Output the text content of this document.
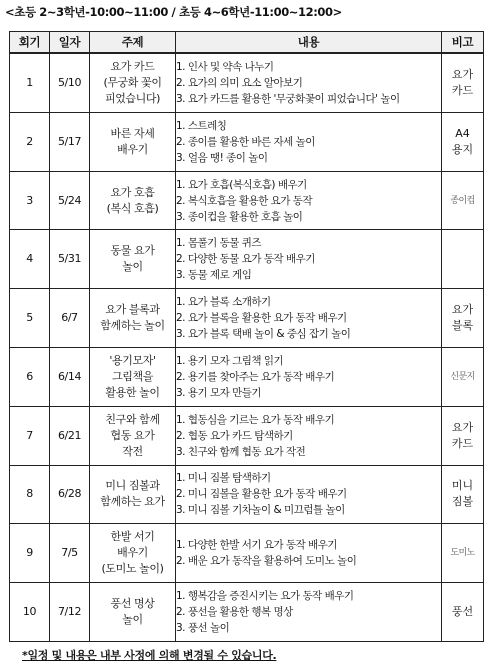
<초등 2~3학년-10:00~11:00 / 초등 4~6학년-11:00~12:00>
회기	일자	주제	내용	비고
1	5/10	요가 카드
(무궁화 꽃이
피었습니다)	1. 인사 및 약속 나누기
2. 요가의 의미 요소 알아보기
3. 요가 카드를 활용한 '무궁화꽃이 피었습니다' 놀이	요가
카드

2	5/17	바른 자세
배우기	1. 스트레칭
2. 종이를 활용한 바른 자세 놀이
3. 얼음 땡! 종이 놀이	A4
용지

3	5/24	요가 호흡
(복식 호흡)	1. 요가 호흡(복식호흡) 배우기
2. 복식호흡을 활용한 요가 동작
3. 종이컵을 활용한 호흡 놀이	종이컵

4	5/31	동물 요가
놀이	1. 몸풀기 동물 퀴즈
2. 다양한 동물 요가 동작 배우기
3. 동물 제로 게임	

5	6/7	요가 블록과
함께하는 놀이	1. 요가 블록 소개하기
2. 요가 블록을 활용한 요가 동작 배우기
3. 요가 블록 택배 놀이 & 중심 잡기 놀이	요가
블록

6	6/14	'용기모자'
그림책을
활용한 놀이	1. 용기 모자 그림책 읽기
2. 용기를 찾아주는 요가 동작 배우기
3. 용기 모자 만들기	신문지

7	6/21	친구와 함께
협동 요가
작전	1. 협동심을 기르는 요가 동작 배우기
2. 협동 요가 카드 탐색하기
3. 친구와 함께 협동 요가 작전	요가
카드

8	6/28	미니 짐볼과
함께하는 요가	1. 미니 짐볼 탐색하기
2. 미니 짐볼을 활용한 요가 동작 배우기
3. 미니 짐볼 기차놀이 & 미끄럼틀 놀이	미니
짐볼

9	7/5	한발 서기
배우기
(도미노 놀이)	1. 다양한 한발 서기 요가 동작 배우기
2. 배운 요가 동작을 활용하여 도미노 놀이	도미노

10	7/12	풍선 명상
놀이	1. 행복감을 증진시키는 요가 동작 배우기
2. 풍선을 활용한 행복 명상
3. 풍선 놀이	풍선
*일정 및 내용은 내부 사정에 의해 변경될 수 있습니다.
